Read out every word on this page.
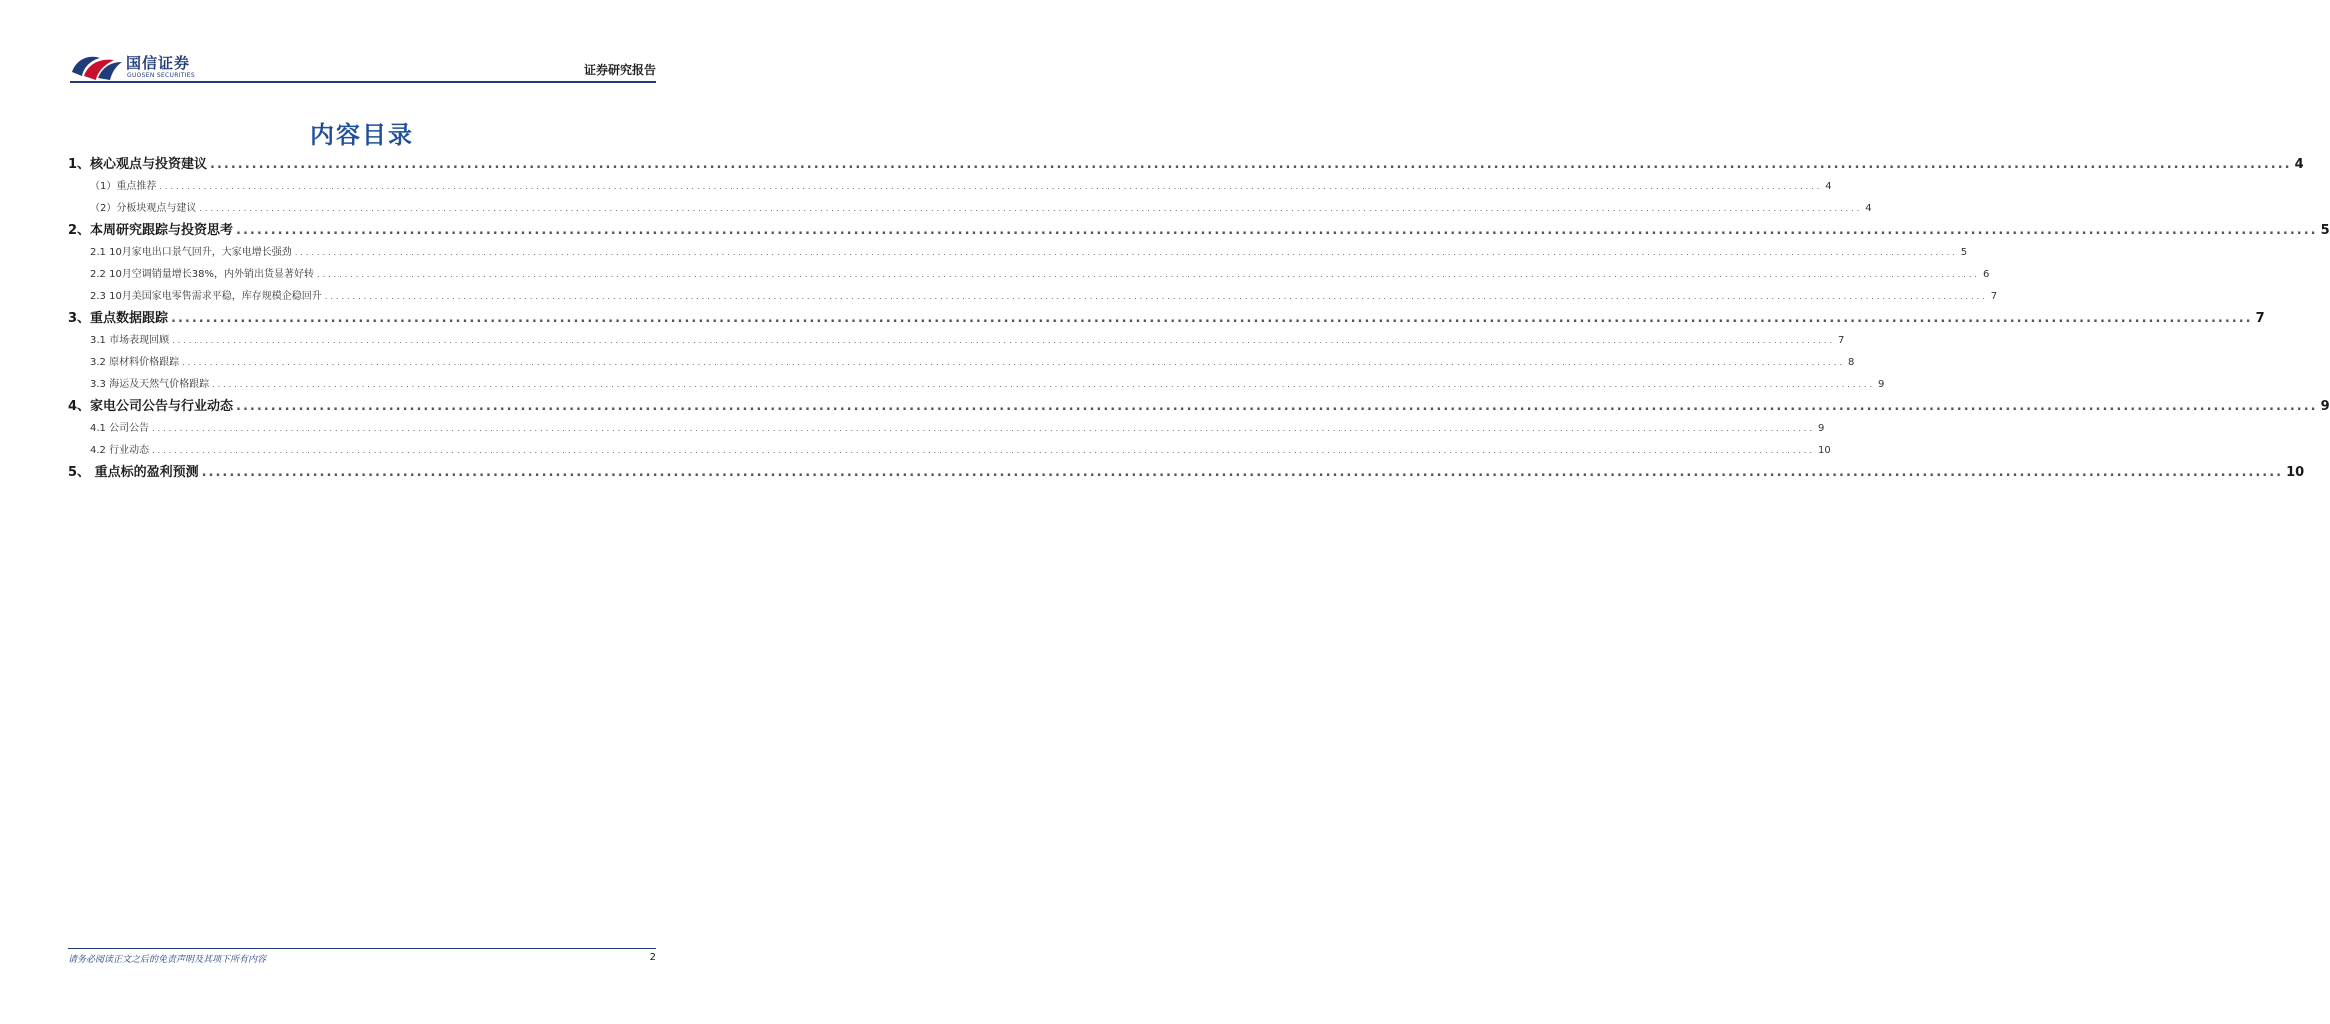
国信证券
GUOSEN SECURITIES	证券研究报告
内容目录
1、核心观点与投资建议 ............................................................................................................................................................................................................................................................................................................ 4
（1）重点推荐 ............................................................................................................................................................................................................................................................................................................ 4
（2）分板块观点与建议 ............................................................................................................................................................................................................................................................................................................ 4
2、本周研究跟踪与投资思考 ............................................................................................................................................................................................................................................................................................................ 5
2.1 10月家电出口景气回升，大家电增长强劲 ............................................................................................................................................................................................................................................................................................................ 5
2.2 10月空调销量增长38%，内外销出货显著好转 ............................................................................................................................................................................................................................................................................................................ 6
2.3 10月美国家电零售需求平稳，库存规模企稳回升 ............................................................................................................................................................................................................................................................................................................ 7
3、重点数据跟踪 ............................................................................................................................................................................................................................................................................................................ 7
3.1 市场表现回顾 ............................................................................................................................................................................................................................................................................................................ 7
3.2 原材料价格跟踪 ............................................................................................................................................................................................................................................................................................................ 8
3.3 海运及天然气价格跟踪 ............................................................................................................................................................................................................................................................................................................ 9
4、家电公司公告与行业动态 ............................................................................................................................................................................................................................................................................................................ 9
4.1 公司公告 ............................................................................................................................................................................................................................................................................................................ 9
4.2 行业动态 ............................................................................................................................................................................................................................................................................................................ 10
5、 重点标的盈利预测 ............................................................................................................................................................................................................................................................................................................ 10
请务必阅读正文之后的免责声明及其项下所有内容	2
